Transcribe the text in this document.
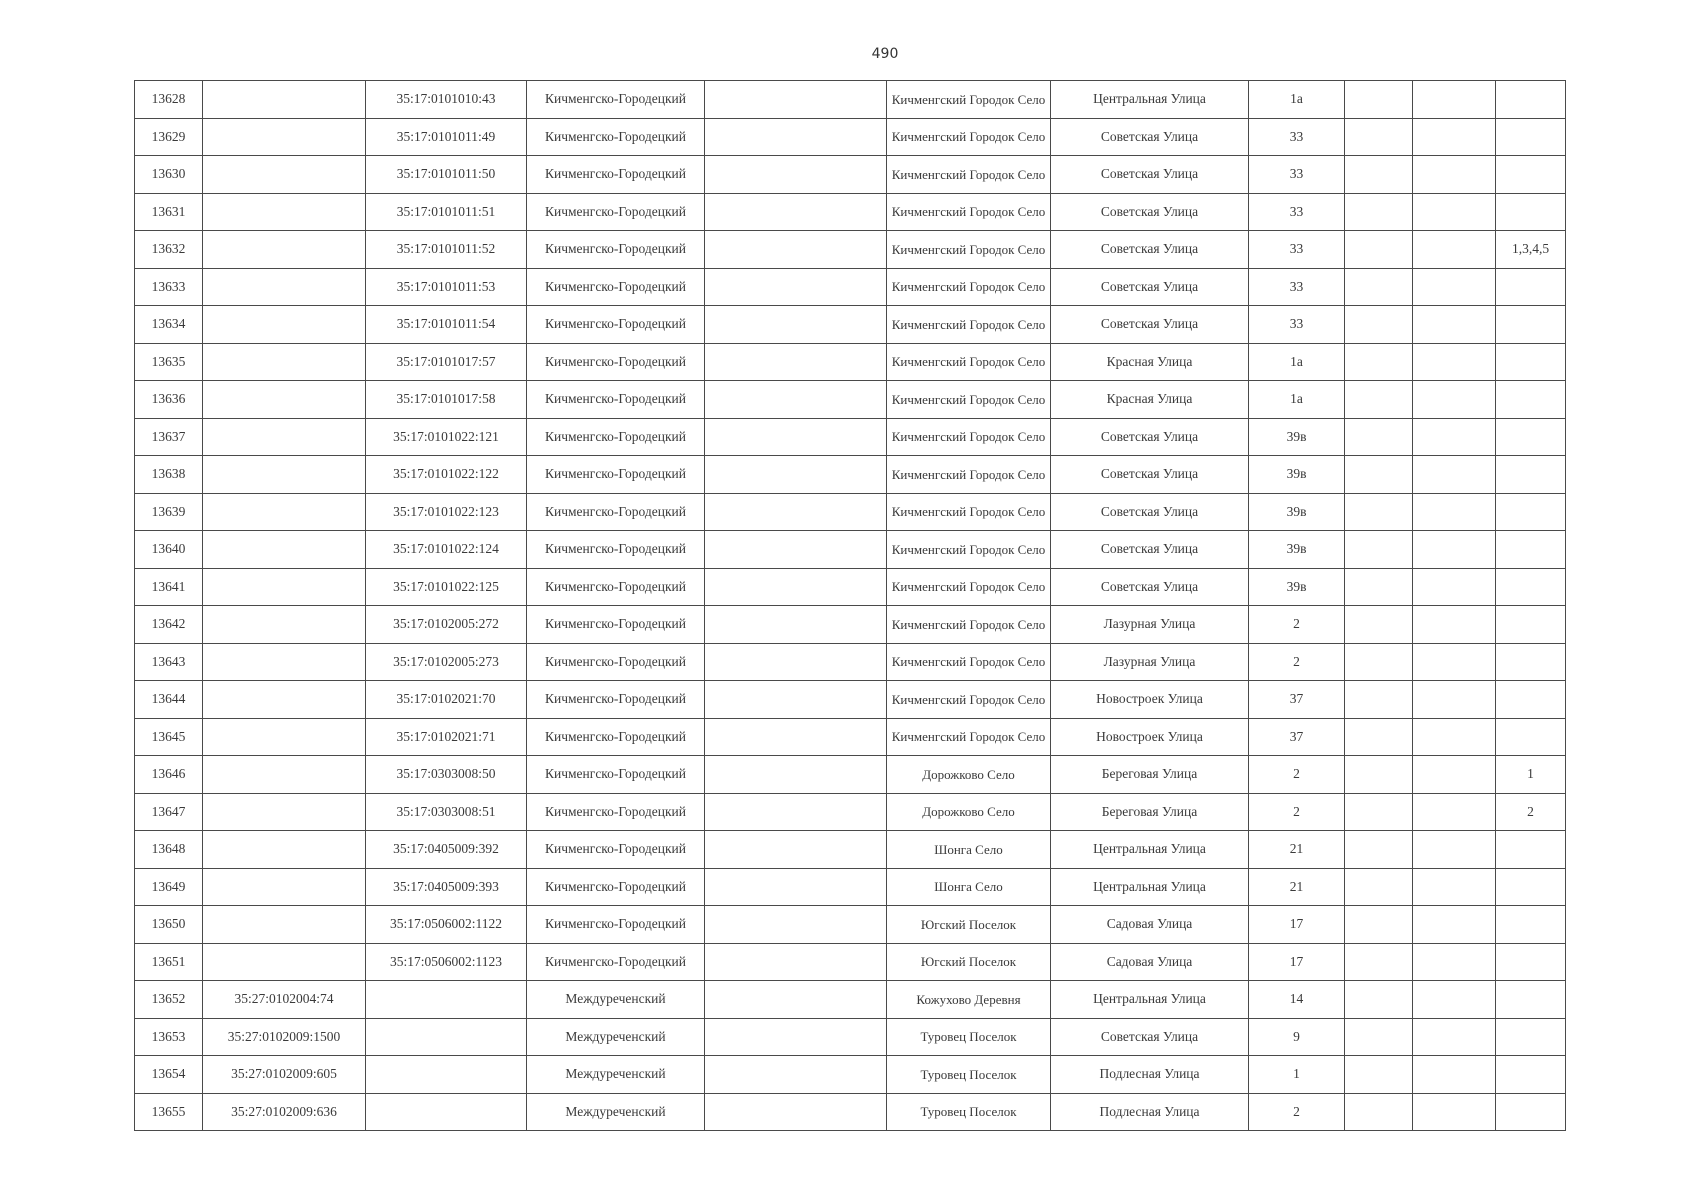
490
13628		35:17:0101010:43	Кичменгско-Городецкий		Кичменгский Городок Село	Центральная Улица	1а			
13629		35:17:0101011:49	Кичменгско-Городецкий		Кичменгский Городок Село	Советская Улица	33			
13630		35:17:0101011:50	Кичменгско-Городецкий		Кичменгский Городок Село	Советская Улица	33			
13631		35:17:0101011:51	Кичменгско-Городецкий		Кичменгский Городок Село	Советская Улица	33			
13632		35:17:0101011:52	Кичменгско-Городецкий		Кичменгский Городок Село	Советская Улица	33			1,3,4,5
13633		35:17:0101011:53	Кичменгско-Городецкий		Кичменгский Городок Село	Советская Улица	33			
13634		35:17:0101011:54	Кичменгско-Городецкий		Кичменгский Городок Село	Советская Улица	33			
13635		35:17:0101017:57	Кичменгско-Городецкий		Кичменгский Городок Село	Красная Улица	1а			
13636		35:17:0101017:58	Кичменгско-Городецкий		Кичменгский Городок Село	Красная Улица	1а			
13637		35:17:0101022:121	Кичменгско-Городецкий		Кичменгский Городок Село	Советская Улица	39в			
13638		35:17:0101022:122	Кичменгско-Городецкий		Кичменгский Городок Село	Советская Улица	39в			
13639		35:17:0101022:123	Кичменгско-Городецкий		Кичменгский Городок Село	Советская Улица	39в			
13640		35:17:0101022:124	Кичменгско-Городецкий		Кичменгский Городок Село	Советская Улица	39в			
13641		35:17:0101022:125	Кичменгско-Городецкий		Кичменгский Городок Село	Советская Улица	39в			
13642		35:17:0102005:272	Кичменгско-Городецкий		Кичменгский Городок Село	Лазурная Улица	2			
13643		35:17:0102005:273	Кичменгско-Городецкий		Кичменгский Городок Село	Лазурная Улица	2			
13644		35:17:0102021:70	Кичменгско-Городецкий		Кичменгский Городок Село	Новостроек Улица	37			
13645		35:17:0102021:71	Кичменгско-Городецкий		Кичменгский Городок Село	Новостроек Улица	37			
13646		35:17:0303008:50	Кичменгско-Городецкий		Дорожково Село	Береговая Улица	2			1
13647		35:17:0303008:51	Кичменгско-Городецкий		Дорожково Село	Береговая Улица	2			2
13648		35:17:0405009:392	Кичменгско-Городецкий		Шонга Село	Центральная Улица	21			
13649		35:17:0405009:393	Кичменгско-Городецкий		Шонга Село	Центральная Улица	21			
13650		35:17:0506002:1122	Кичменгско-Городецкий		Югский Поселок	Садовая Улица	17			
13651		35:17:0506002:1123	Кичменгско-Городецкий		Югский Поселок	Садовая Улица	17			
13652	35:27:0102004:74		Междуреченский		Кожухово Деревня	Центральная Улица	14			
13653	35:27:0102009:1500		Междуреченский		Туровец Поселок	Советская Улица	9			
13654	35:27:0102009:605		Междуреченский		Туровец Поселок	Подлесная Улица	1			
13655	35:27:0102009:636		Междуреченский		Туровец Поселок	Подлесная Улица	2			
